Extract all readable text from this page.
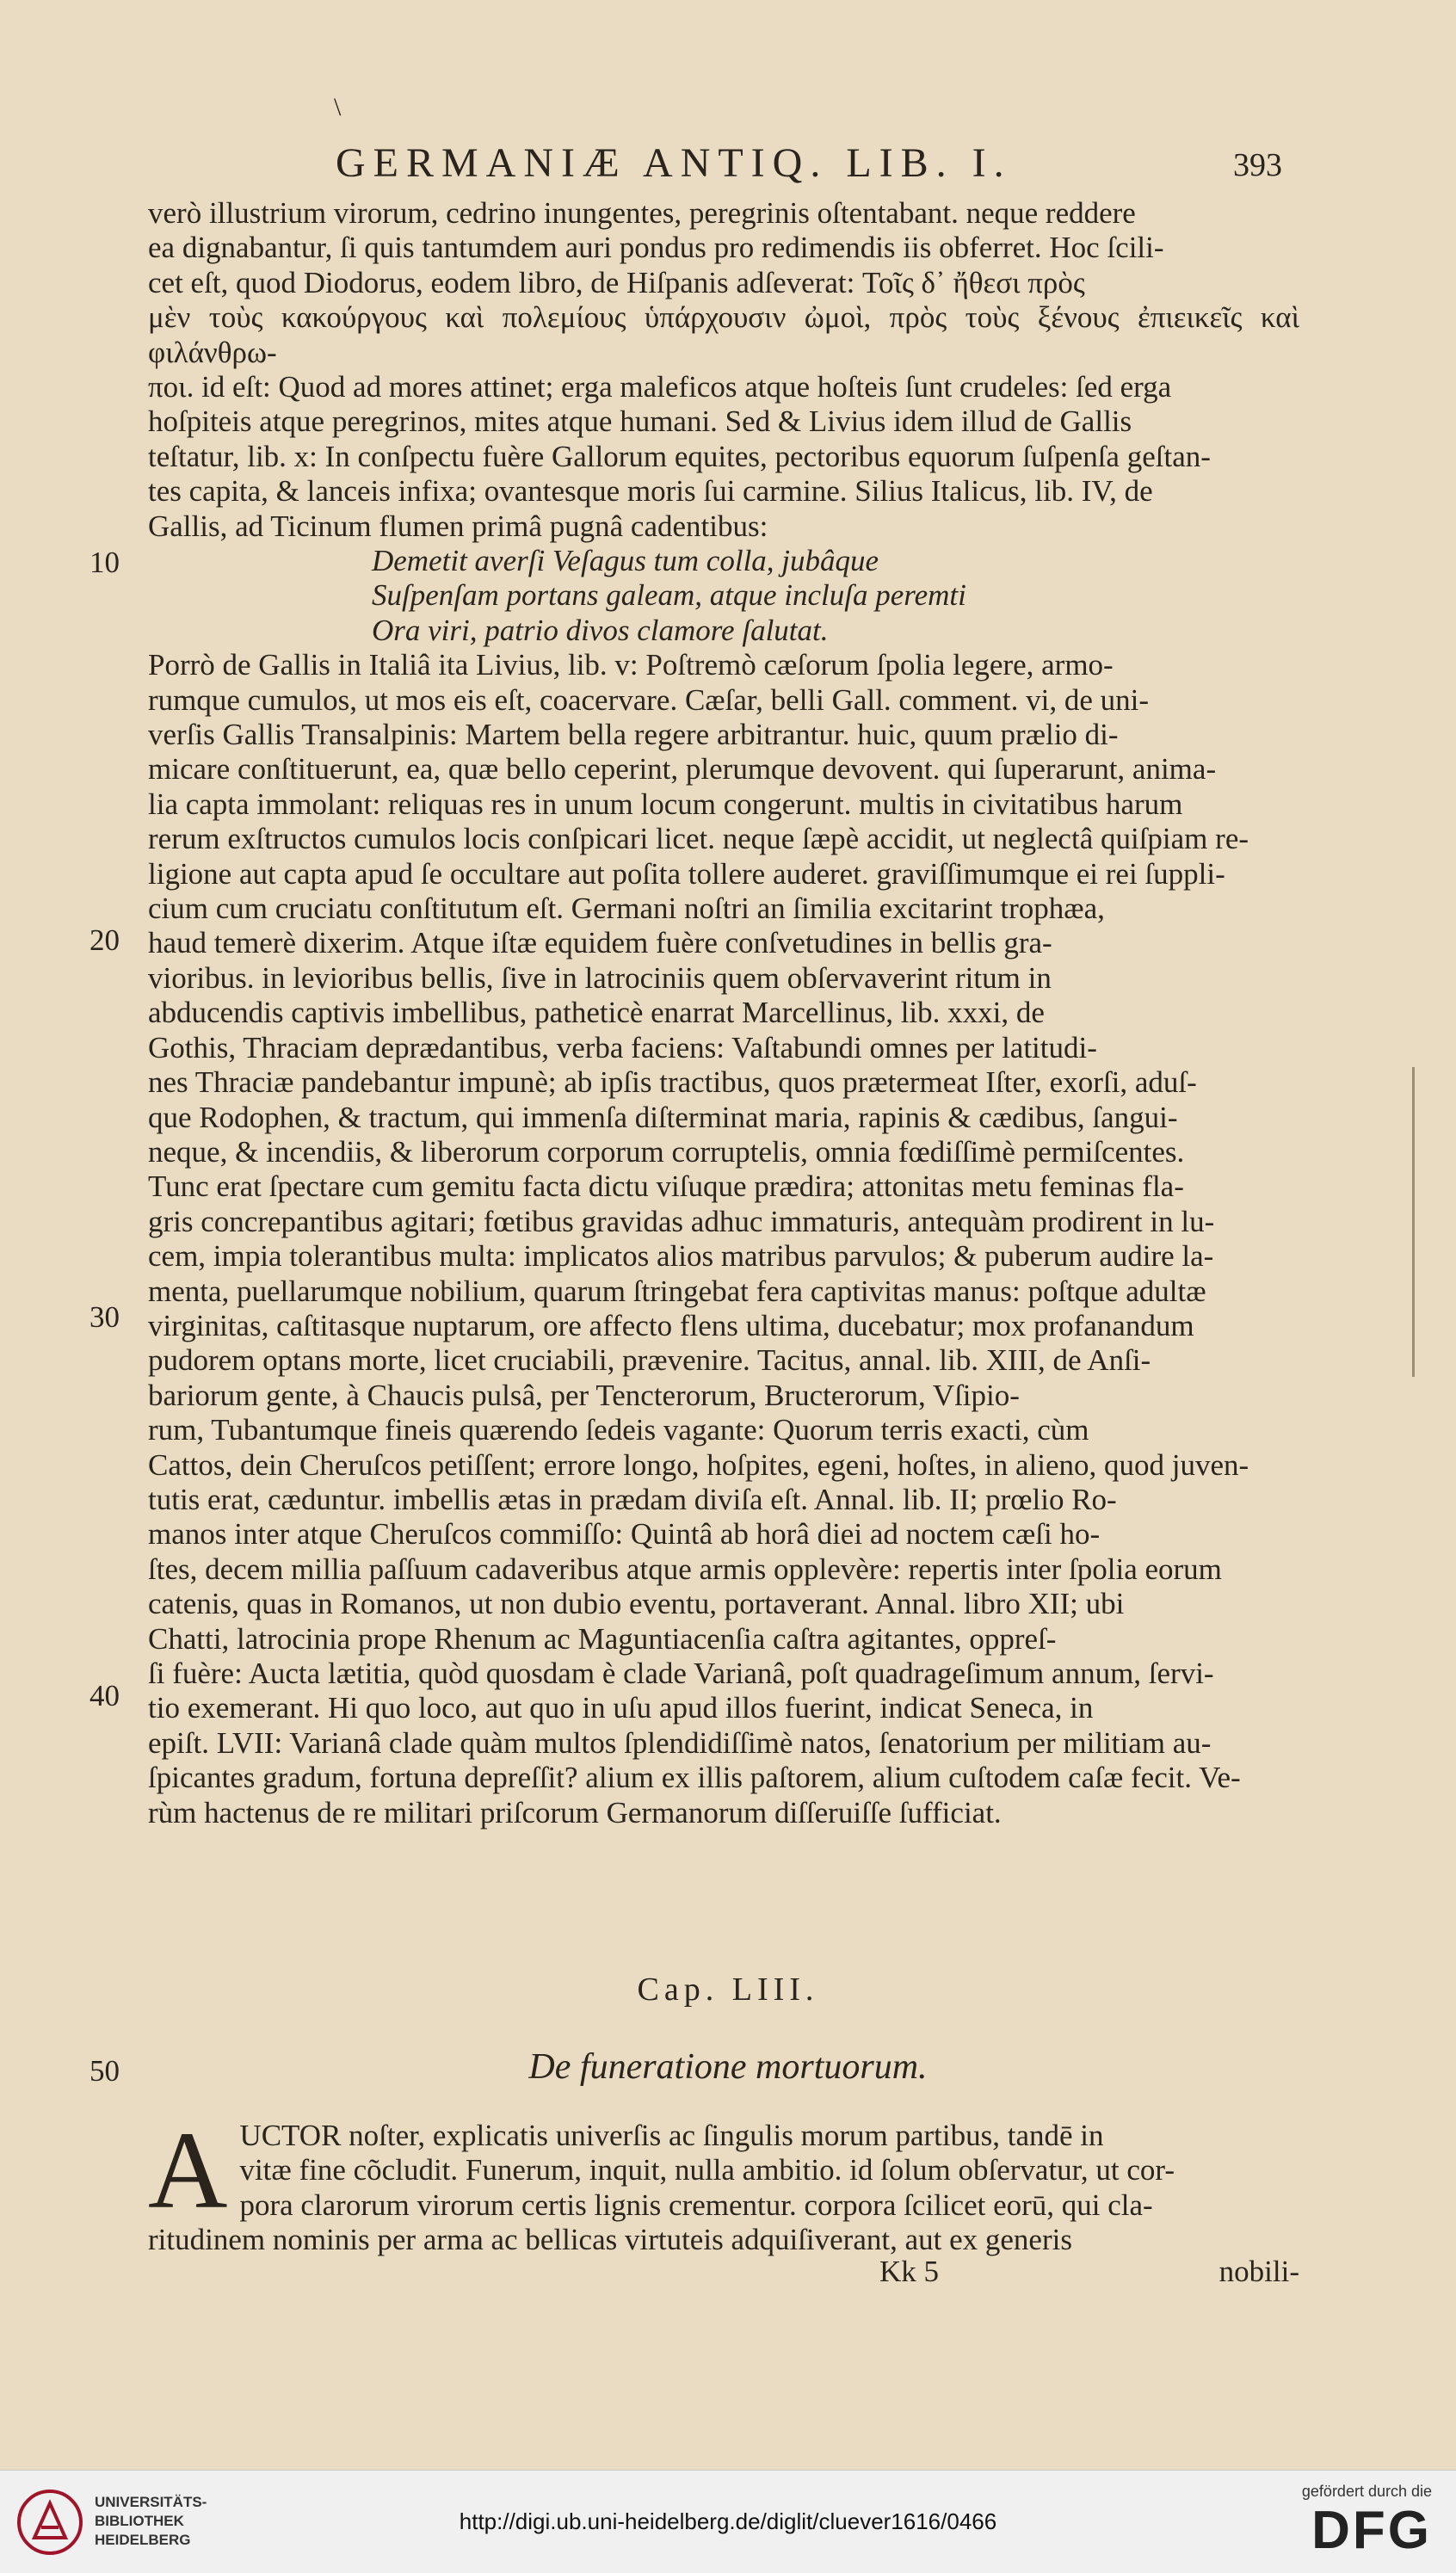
\
GERMANIÆ ANTIQ. LIB. I.	393
10
20
30
40
50

verò illustrium virorum, cedrino inungentes, peregrinis oſtentabant. neque reddere

ea dignabantur, ſi quis tantumdem auri pondus pro redimendis iis obferret. Hoc ſcili-

cet eſt, quod Diodorus, eodem libro, de Hiſpanis adſeverat: Τοῖς δ᾽ ἤθεσι πρὸς

μὲν τοὺς κακούργους καὶ πολεμίους ὑπάρχουσιν ὠμοὶ, πρὸς τοὺς ξένους ἐπιεικεῖς καὶ φιλάνθρω-

ποι. id eſt: Quod ad mores attinet; erga maleficos atque hoſteis ſunt crudeles: ſed erga

hoſpiteis atque peregrinos, mites atque humani. Sed & Livius idem illud de Gallis

teſtatur, lib. x: In conſpectu fuère Gallorum equites, pectoribus equorum ſuſpenſa geſtan-

tes capita, & lanceis infixa; ovantesque moris ſui carmine. Silius Italicus, lib. IV, de

Gallis, ad Ticinum flumen primâ pugnâ cadentibus:

Demetit averſi Veſagus tum colla, jubâque
Suſpenſam portans galeam, atque incluſa peremti
Ora viri, patrio divos clamore ſalutat.

Porrò de Gallis in Italiâ ita Livius, lib. v: Poſtremò cæſorum ſpolia legere, armo-

rumque cumulos, ut mos eis eſt, coacervare. Cæſar, belli Gall. comment. vi, de uni-

verſis Gallis Transalpinis: Martem bella regere arbitrantur. huic, quum prælio di-

micare conſtituerunt, ea, quæ bello ceperint, plerumque devovent. qui ſuperarunt, anima-

lia capta immolant: reliquas res in unum locum congerunt. multis in civitatibus harum

rerum exſtructos cumulos locis conſpicari licet. neque ſæpè accidit, ut neglectâ quiſpiam re-

ligione aut capta apud ſe occultare aut poſita tollere auderet. graviſſimumque ei rei ſuppli-

cium cum cruciatu conſtitutum eſt. Germani noſtri an ſimilia excitarint trophæa,

haud temerè dixerim. Atque iſtæ equidem fuère conſvetudines in bellis gra-

vioribus. in levioribus bellis, ſive in latrociniis quem obſervaverint ritum in

abducendis captivis imbellibus, patheticè enarrat Marcellinus, lib. xxxi, de

Gothis, Thraciam deprædantibus, verba faciens: Vaſtabundi omnes per latitudi-

nes Thraciæ pandebantur impunè; ab ipſis tractibus, quos prætermeat Iſter, exorſi, aduſ-

que Rodophen, & tractum, qui immenſa diſterminat maria, rapinis & cædibus, ſangui-

neque, & incendiis, & liberorum corporum corruptelis, omnia fœdiſſimè permiſcentes.

Tunc erat ſpectare cum gemitu facta dictu viſuque prædira; attonitas metu feminas fla-

gris concrepantibus agitari; fœtibus gravidas adhuc immaturis, antequàm prodirent in lu-

cem, impia tolerantibus multa: implicatos alios matribus parvulos; & puberum audire la-

menta, puellarumque nobilium, quarum ſtringebat fera captivitas manus: poſtque adultæ

virginitas, caſtitasque nuptarum, ore affecto flens ultima, ducebatur; mox profanandum

pudorem optans morte, licet cruciabili, prævenire. Tacitus, annal. lib. XIII, de Anſi-

bariorum gente, à Chaucis pulsâ, per Tencterorum, Bructerorum, Vſipio-

rum, Tubantumque fineis quærendo ſedeis vagante: Quorum terris exacti, cùm

Cattos, dein Cheruſcos petiſſent; errore longo, hoſpites, egeni, hoſtes, in alieno, quod juven-

tutis erat, cæduntur. imbellis ætas in prædam diviſa eſt. Annal. lib. II; prœlio Ro-

manos inter atque Cheruſcos commiſſo: Quintâ ab horâ diei ad noctem cæſi ho-

ſtes, decem millia paſſuum cadaveribus atque armis opplevère: repertis inter ſpolia eorum

catenis, quas in Romanos, ut non dubio eventu, portaverant. Annal. libro XII; ubi

Chatti, latrocinia prope Rhenum ac Maguntiacenſia caſtra agitantes, oppreſ-

ſi fuère: Aucta lætitia, quòd quosdam è clade Varianâ, poſt quadrageſimum annum, ſervi-

tio exemerant. Hi quo loco, aut quo in uſu apud illos fuerint, indicat Seneca, in

epiſt. LVII: Varianâ clade quàm multos ſplendidiſſimè natos, ſenatorium per militiam au-

ſpicantes gradum, fortuna depreſſit? alium ex illis paſtorem, alium cuſtodem caſæ fecit. Ve-

rùm hactenus de re militari priſcorum Germanorum diſſeruiſſe ſufficiat.

Cap. LIII.
De funeratione mortuorum.
A UCTOR noſter, explicatis univerſis ac ſingulis morum partibus, tandē in

vitæ fine cõcludit. Funerum, inquit, nulla ambitio. id ſolum obſervatur, ut cor-

pora clarorum virorum certis lignis crementur. corpora ſcilicet eorū, qui cla-

ritudinem nominis per arma ac bellicas virtuteis adquiſiverant, aut ex generis

Kk 5	nobili-
UNIVERSITÄTS-
BIBLIOTHEK
HEIDELBERG
http://digi.ub.uni-heidelberg.de/diglit/cluever1616/0466
gefördert durch die
DFG
